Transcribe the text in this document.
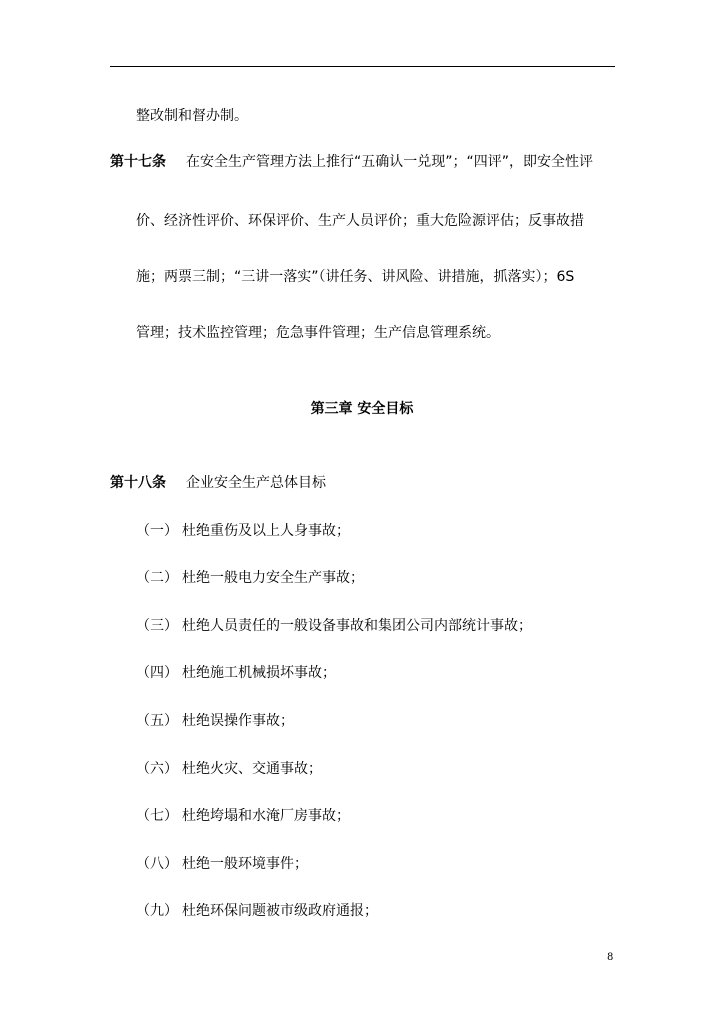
整改制和督办制。
第十七条 在安全生产管理方法上推行“五确认一兑现”；“四评”，即安全性评
价、经济性评价、环保评价、生产人员评价；重大危险源评估；反事故措
施；两票三制；“三讲一落实”（讲任务、讲风险、讲措施，抓落实）；6S
管理；技术监控管理；危急事件管理；生产信息管理系统。
第三章 安全目标
第十八条 企业安全生产总体目标
（一） 杜绝重伤及以上人身事故；
（二） 杜绝一般电力安全生产事故；
（三） 杜绝人员责任的一般设备事故和集团公司内部统计事故；
（四） 杜绝施工机械损坏事故；
（五） 杜绝误操作事故；
（六） 杜绝火灾、交通事故；
（七） 杜绝垮塌和水淹厂房事故；
（八） 杜绝一般环境事件；
（九） 杜绝环保问题被市级政府通报；
8
